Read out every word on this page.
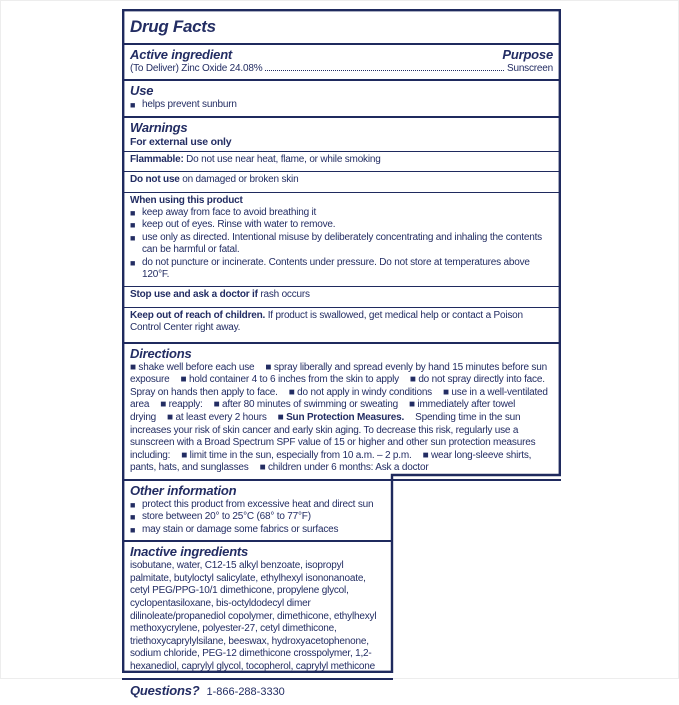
Drug Facts
Active ingredient	Purpose
(To Deliver) Zinc Oxide 24.08%	Sunscreen
Use
■ helps prevent sunburn
Warnings
For external use only
Flammable: Do not use near heat, flame, or while smoking
Do not use on damaged or broken skin
When using this product
■ keep away from face to avoid breathing it
■ keep out of eyes. Rinse with water to remove.
■ use only as directed. Intentional misuse by deliberately concentrating and inhaling the contents can be harmful or fatal.
■ do not puncture or incinerate. Contents under pressure. Do not store at temperatures above 120°F.
Stop use and ask a doctor if rash occurs
Keep out of reach of children. If product is swallowed, get medical help or contact a Poison Control Center right away.
Directions
■ shake well before each use ■ spray liberally and spread evenly by hand 15 minutes before sun exposure ■ hold container 4 to 6 inches from the skin to apply ■ do not spray directly into face. Spray on hands then apply to face. ■ do not apply in windy conditions ■ use in a well-ventilated area ■ reapply: ■ after 80 minutes of swimming or sweating ■ immediately after towel drying ■ at least every 2 hours ■ Sun Protection Measures. Spending time in the sun increases your risk of skin cancer and early skin aging. To decrease this risk, regularly use a sunscreen with a Broad Spectrum SPF value of 15 or higher and other sun protection measures including: ■ limit time in the sun, especially from 10 a.m. – 2 p.m. ■ wear long-sleeve shirts, pants, hats, and sunglasses ■ children under 6 months: Ask a doctor
Other information
■ protect this product from excessive heat and direct sun
■ store between 20° to 25°C (68° to 77°F)
■ may stain or damage some fabrics or surfaces
Inactive ingredients
isobutane, water, C12-15 alkyl benzoate, isopropyl palmitate, butyloctyl salicylate, ethylhexyl isononanoate, cetyl PEG/PPG-10/1 dimethicone, propylene glycol, cyclopentasiloxane, bis-octyldodecyl dimer dilinoleate/propanediol copolymer, dimethicone, ethylhexyl methoxycrylene, polyester-27, cetyl dimethicone, triethoxycaprylylsilane, beeswax, hydroxyacetophenone, sodium chloride, PEG-12 dimethicone crosspolymer, 1,2-hexanediol, caprylyl glycol, tocopherol, caprylyl methicone
Questions? 1-866-288-3330
